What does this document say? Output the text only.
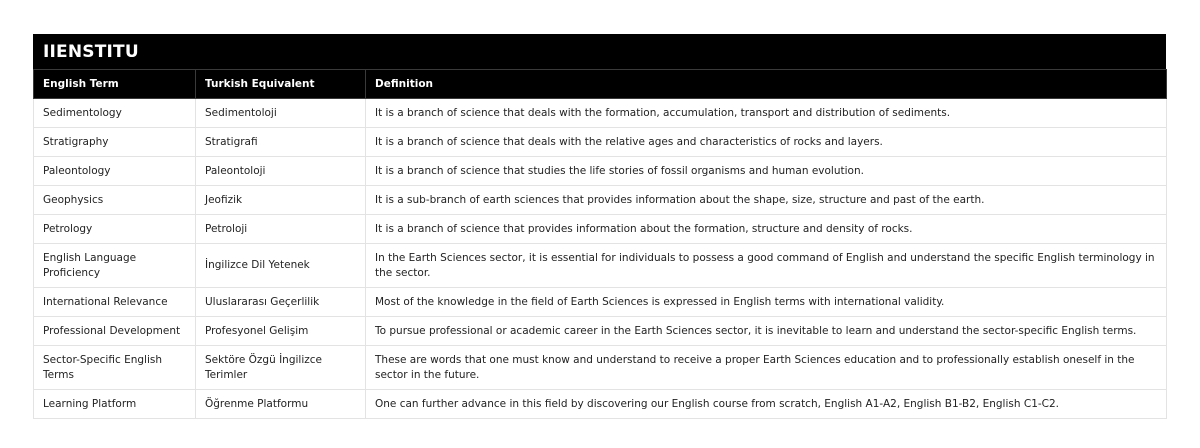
IIENSTITU
English Term	Turkish Equivalent	Definition
Sedimentology	Sedimentoloji	It is a branch of science that deals with the formation, accumulation, transport and distribution of sediments.
Stratigraphy	Stratigrafi	It is a branch of science that deals with the relative ages and characteristics of rocks and layers.
Paleontology	Paleontoloji	It is a branch of science that studies the life stories of fossil organisms and human evolution.
Geophysics	Jeofizik	It is a sub-branch of earth sciences that provides information about the shape, size, structure and past of the earth.
Petrology	Petroloji	It is a branch of science that provides information about the formation, structure and density of rocks.
English Language Proficiency	İngilizce Dil Yetenek	In the Earth Sciences sector, it is essential for individuals to possess a good command of English and understand the specific English terminology in the sector.
International Relevance	Uluslararası Geçerlilik	Most of the knowledge in the field of Earth Sciences is expressed in English terms with international validity.
Professional Development	Profesyonel Gelişim	To pursue professional or academic career in the Earth Sciences sector, it is inevitable to learn and understand the sector-specific English terms.
Sector-Specific English Terms	Sektöre Özgü İngilizce Terimler	These are words that one must know and understand to receive a proper Earth Sciences education and to professionally establish oneself in the sector in the future.
Learning Platform	Öğrenme Platformu	One can further advance in this field by discovering our English course from scratch, English A1-A2, English B1-B2, English C1-C2.
